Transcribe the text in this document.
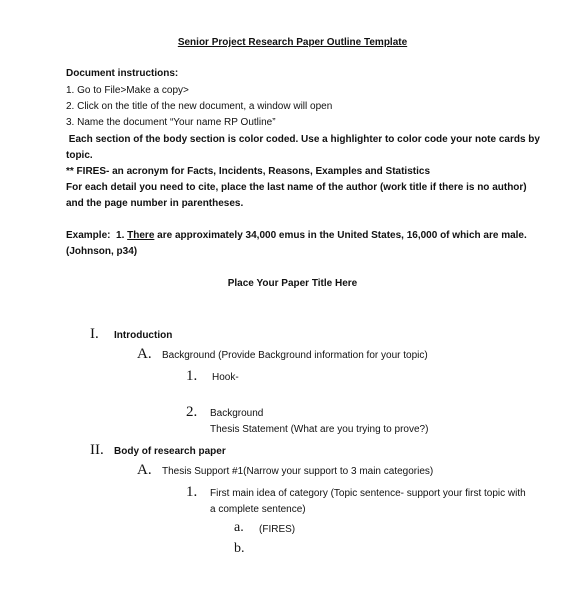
Senior Project Research Paper Outline Template
Document instructions:
1. Go to File>Make a copy>
2. Click on the title of the new document, a window will open
3. Name the document “Your name RP Outline”
Each section of the body section is color coded. Use a highlighter to color code your note cards by
topic.
** FIRES- an acronym for Facts, Incidents, Reasons, Examples and Statistics
For each detail you need to cite, place the last name of the author (work title if there is no author)
and the page number in parentheses.
Example:  1. There are approximately 34,000 emus in the United States, 16,000 of which are male.
(Johnson, p34)
Place Your Paper Title Here
I. Introduction
A. Background (Provide Background information for your topic)
1. Hook-
2. Background
Thesis Statement (What are you trying to prove?)
II. Body of research paper
A. Thesis Support #1(Narrow your support to 3 main categories)
1. First main idea of category (Topic sentence- support your first topic with
a complete sentence)
a. (FIRES)
b.
